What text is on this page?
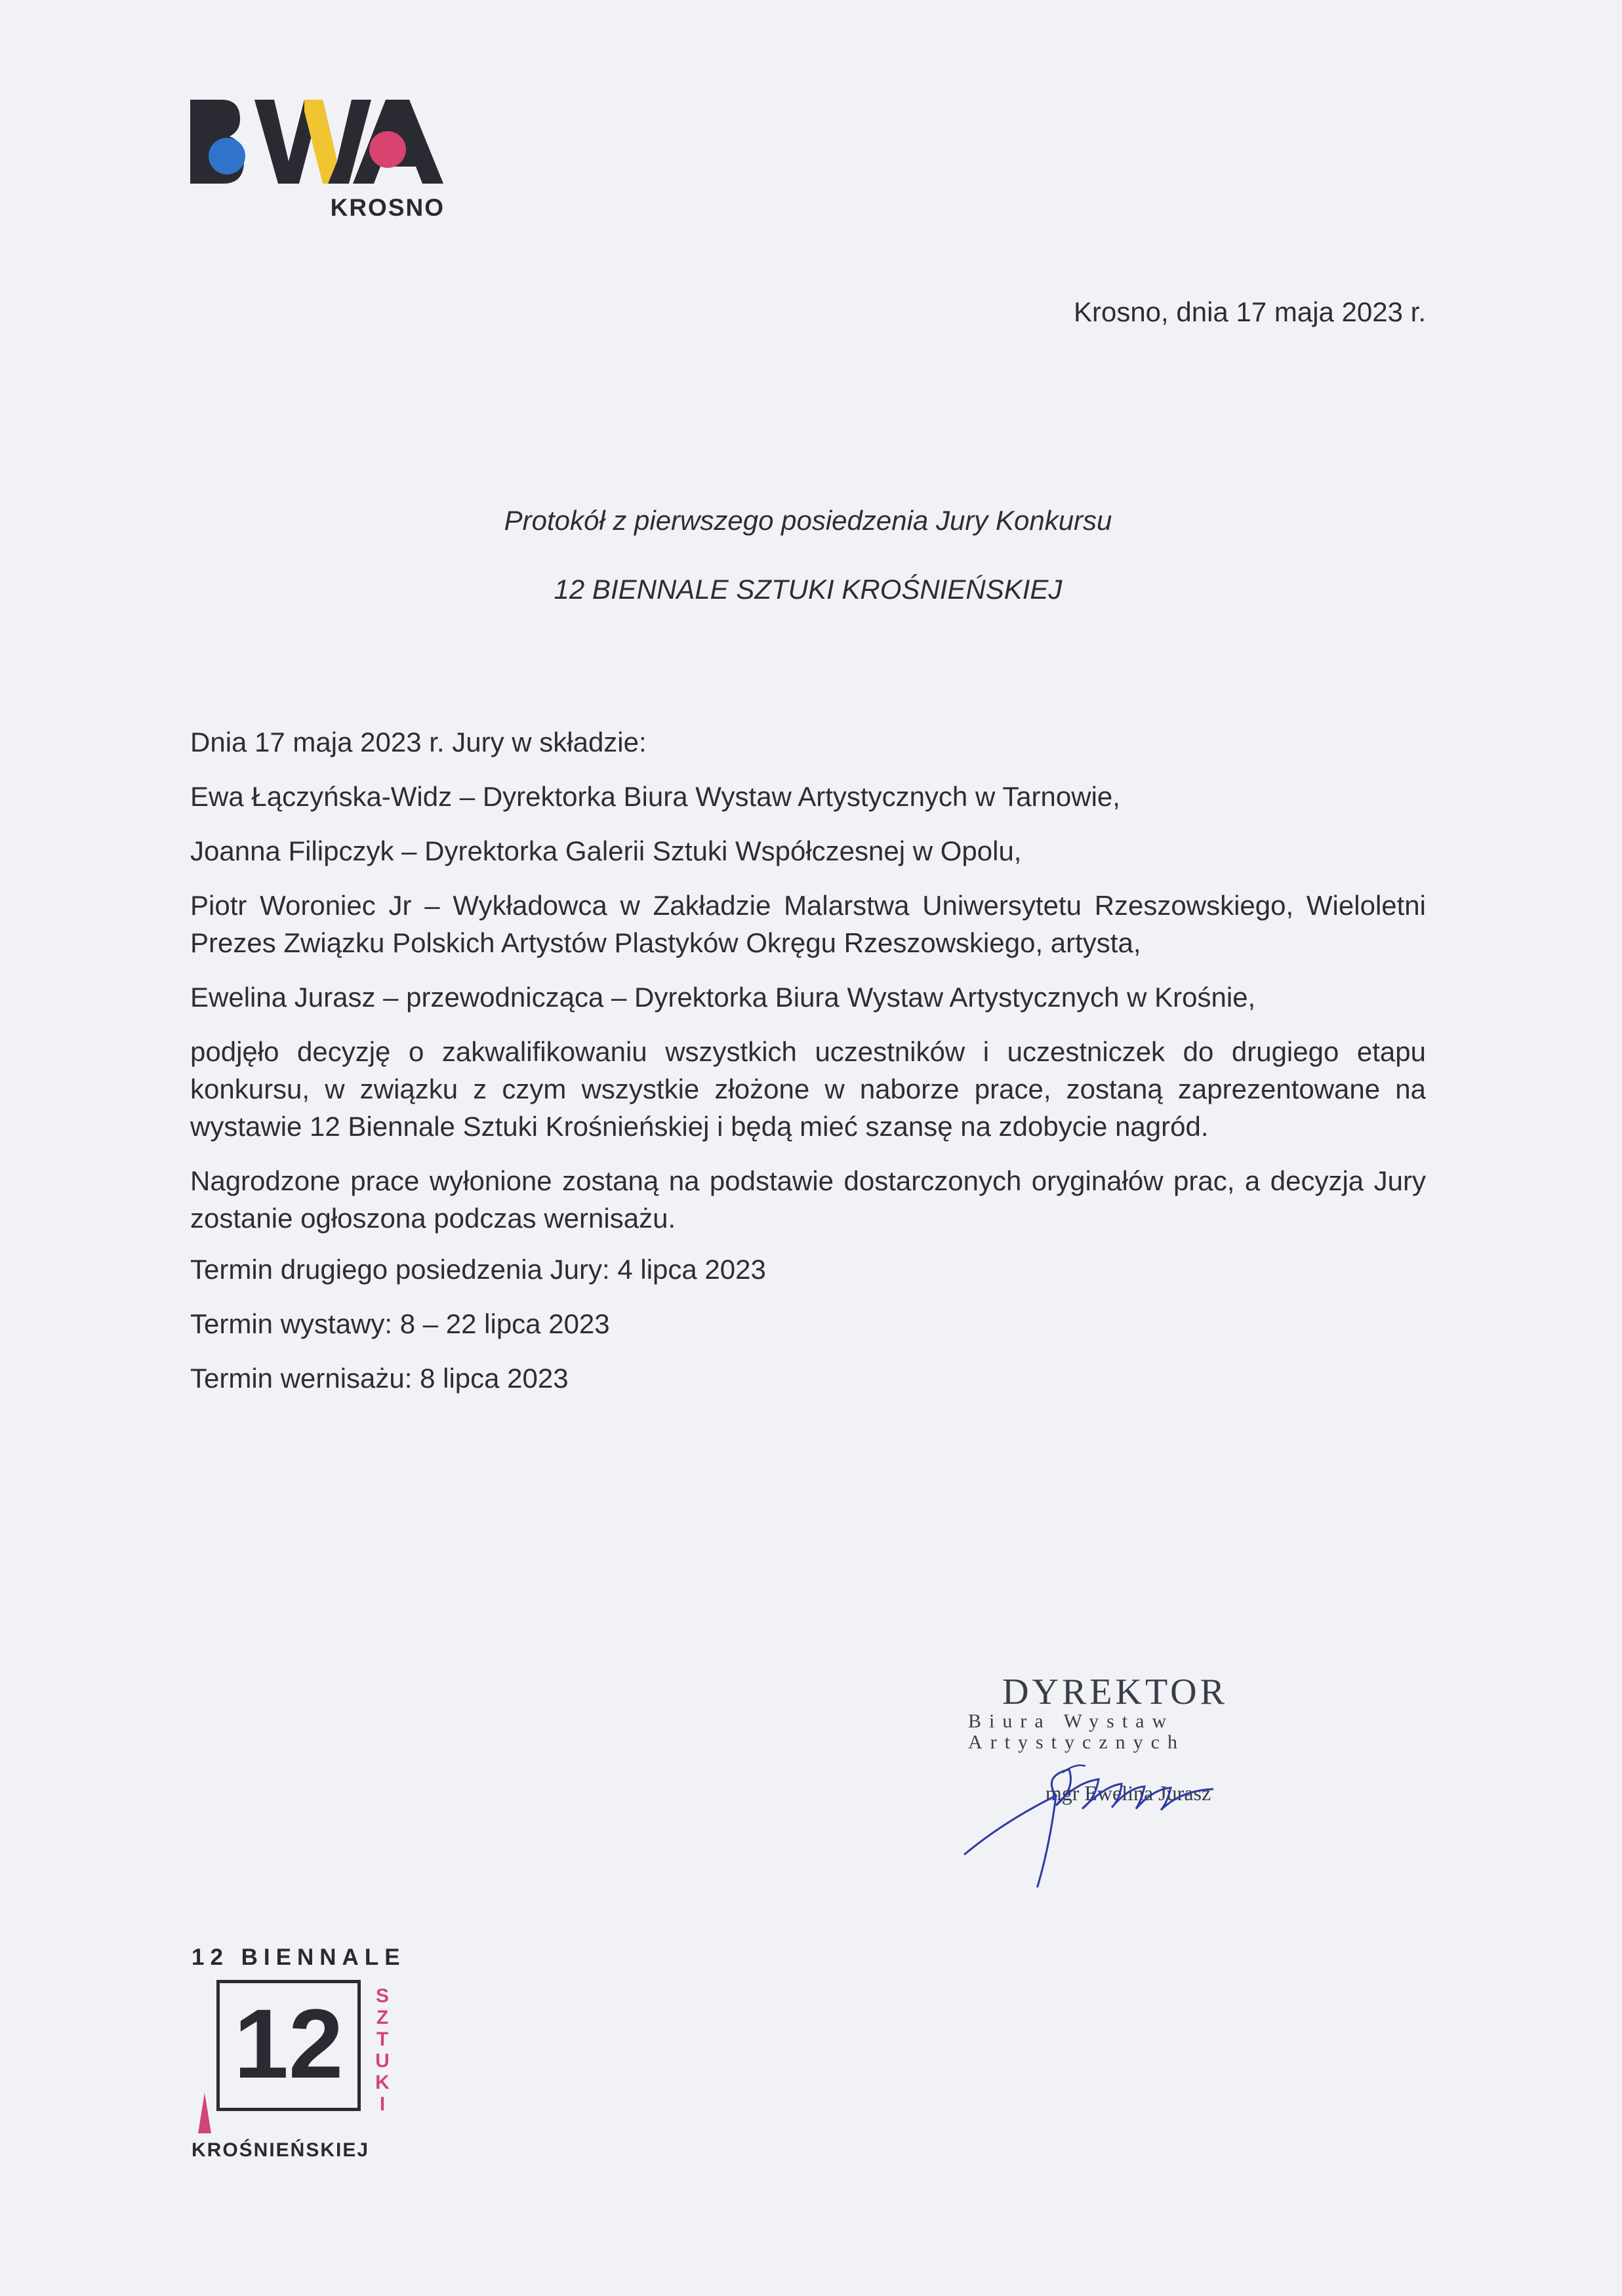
KROSNO
Krosno, dnia 17 maja 2023 r.
Protokół z pierwszego posiedzenia Jury Konkursu
12 BIENNALE SZTUKI KROŚNIEŃSKIEJ

Dnia 17 maja 2023 r. Jury w składzie:

Ewa Łączyńska-Widz – Dyrektorka Biura Wystaw Artystycznych w Tarnowie,

Joanna Filipczyk – Dyrektorka Galerii Sztuki Współczesnej w Opolu,

Piotr Woroniec Jr – Wykładowca w Zakładzie Malarstwa Uniwersytetu Rzeszowskiego, Wieloletni Prezes Związku Polskich Artystów Plastyków Okręgu Rzeszowskiego, artysta,

Ewelina Jurasz – przewodnicząca – Dyrektorka Biura Wystaw Artystycznych w Krośnie,

podjęło decyzję o zakwalifikowaniu wszystkich uczestników i uczestniczek do drugiego etapu konkursu, w związku z czym wszystkie złożone w naborze prace, zostaną zaprezentowane na wystawie 12 Biennale Sztuki Krośnieńskiej i będą mieć szansę na zdobycie nagród.

Nagrodzone prace wyłonione zostaną na podstawie dostarczonych oryginałów prac, a decyzja Jury zostanie ogłoszona podczas wernisażu.

Termin drugiego posiedzenia Jury: 4 lipca 2023

Termin wystawy: 8 – 22 lipca 2023

Termin wernisażu: 8 lipca 2023

DYREKTOR
Biura Wystaw
Artystycznych
mgr Ewelina Jurasz
12 BIENNALE
12	S
Z
T
U
K
I
KROŚNIEŃSKIEJ
